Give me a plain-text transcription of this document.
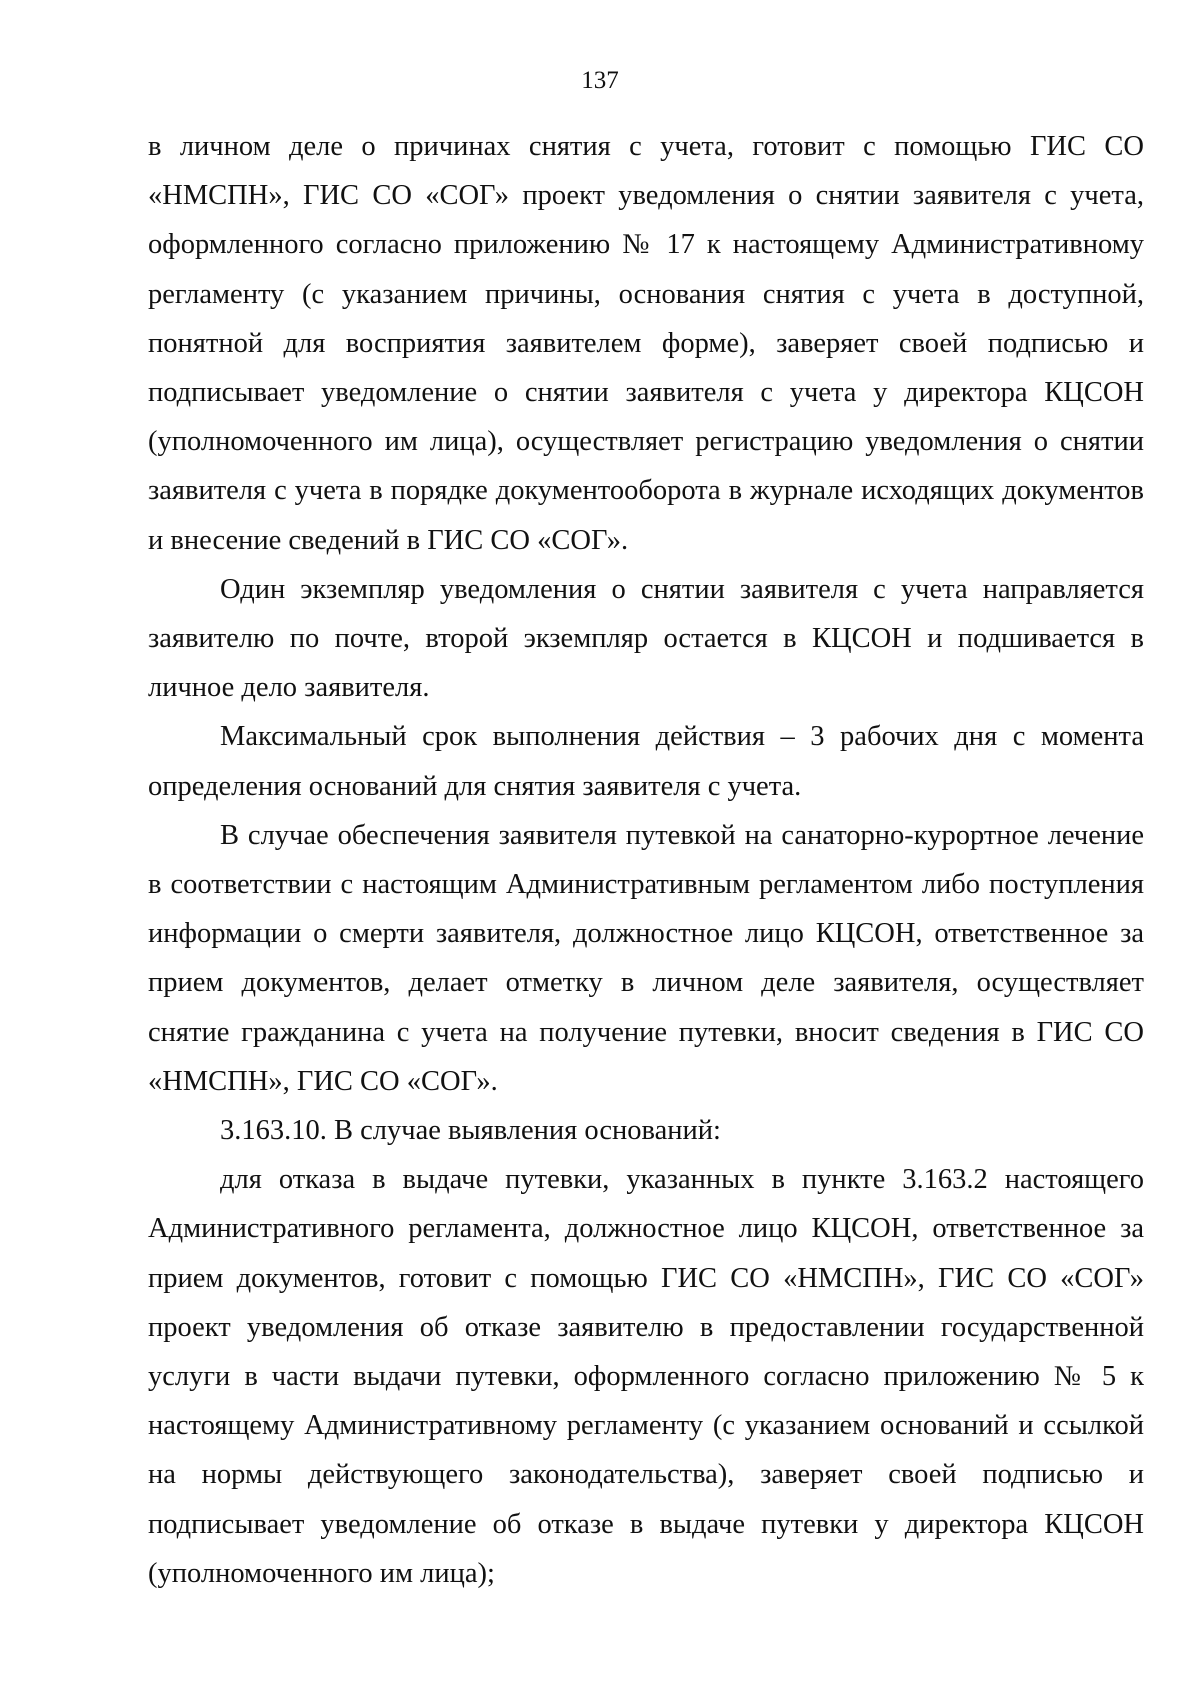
137

в личном деле о причинах снятия с учета, готовит с помощью ГИС СО «НМСПН», ГИС СО «СОГ» проект уведомления о снятии заявителя с учета, оформленного согласно приложению № 17 к настоящему Административному регламенту (с указанием причины, основания снятия с учета в доступной, понятной для восприятия заявителем форме), заверяет своей подписью и подписывает уведомление о снятии заявителя с учета у директора КЦСОН (уполномоченного им лица), осуществляет регистрацию уведомления о снятии заявителя с учета в порядке документооборота в журнале исходящих документов и внесение сведений в ГИС СО «СОГ».

Один экземпляр уведомления о снятии заявителя с учета направляется заявителю по почте, второй экземпляр остается в КЦСОН и подшивается в личное дело заявителя.

Максимальный срок выполнения действия – 3 рабочих дня с момента определения оснований для снятия заявителя с учета.

В случае обеспечения заявителя путевкой на санаторно-курортное лечение в соответствии с настоящим Административным регламентом либо поступления информации о смерти заявителя, должностное лицо КЦСОН, ответственное за прием документов, делает отметку в личном деле заявителя, осуществляет снятие гражданина с учета на получение путевки, вносит сведения в ГИС СО «НМСПН», ГИС СО «СОГ».

3.163.10. В случае выявления оснований:

для отказа в выдаче путевки, указанных в пункте 3.163.2 настоящего Административного регламента, должностное лицо КЦСОН, ответственное за прием документов, готовит с помощью ГИС СО «НМСПН», ГИС СО «СОГ» проект уведомления об отказе заявителю в предоставлении государственной услуги в части выдачи путевки, оформленного согласно приложению № 5 к настоящему Административному регламенту (с указанием оснований и ссылкой на нормы действующего законодательства), заверяет своей подписью и подписывает уведомление об отказе в выдаче путевки у директора КЦСОН (уполномоченного им лица);
